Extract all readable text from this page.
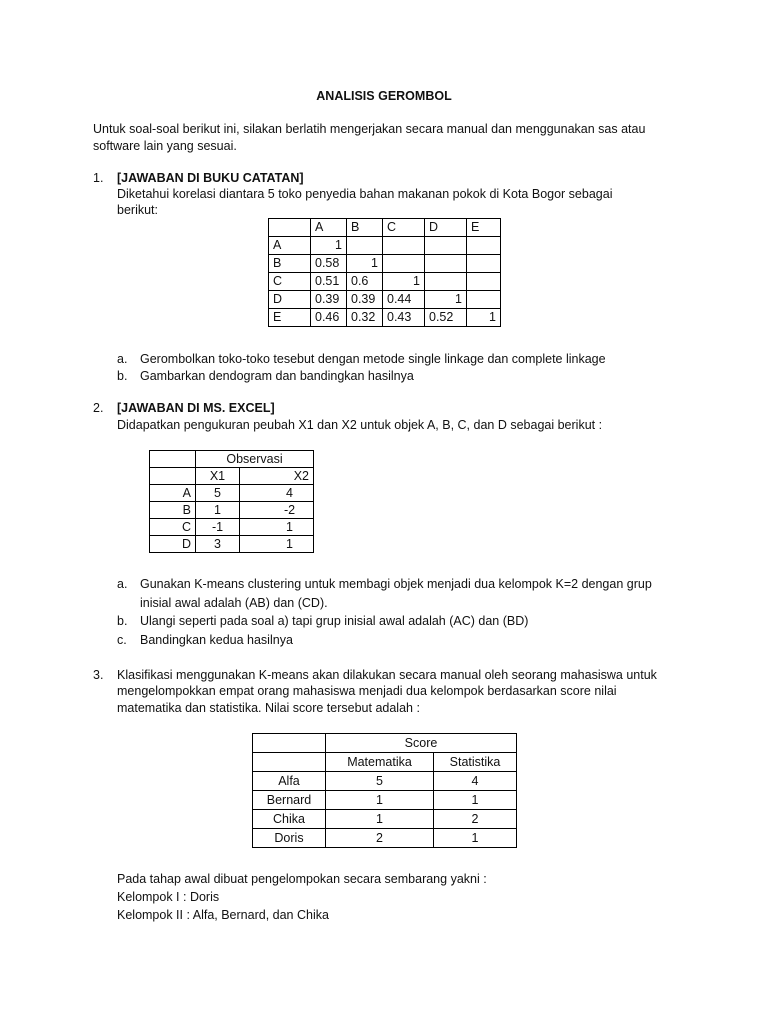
ANALISIS GEROMBOL
Untuk soal-soal berikut ini, silakan berlatih mengerjakan secara manual dan menggunakan sas atau
software lain yang sesuai.
1. [JAWABAN DI BUKU CATATAN]
Diketahui korelasi diantara 5 toko penyedia bahan makanan pokok di Kota Bogor sebagai
berikut:
	A	B	C	D	E
A	1				
B	0.58	1			
C	0.51	0.6	1		
D	0.39	0.39	0.44	1	
E	0.46	0.32	0.43	0.52	1
a. Gerombolkan toko-toko tesebut dengan metode single linkage dan complete linkage
b. Gambarkan dendogram dan bandingkan hasilnya
2. [JAWABAN DI MS. EXCEL]
Didapatkan pengukuran peubah X1 dan X2 untuk objek A, B, C, dan D sebagai berikut :
	Observasi	
	X1	X2
A	5	4
B	1	-2
C	-1	1
D	3	1
a. Gunakan K-means clustering untuk membagi objek menjadi dua kelompok K=2 dengan grup
inisial awal adalah (AB) dan (CD).
b. Ulangi seperti pada soal a) tapi grup inisial awal adalah (AC) dan (BD)
c. Bandingkan kedua hasilnya
3. Klasifikasi menggunakan K-means akan dilakukan secara manual oleh seorang mahasiswa untuk
mengelompokkan empat orang mahasiswa menjadi dua kelompok berdasarkan score nilai
matematika dan statistika. Nilai score tersebut adalah :
	Score	
	Matematika	Statistika
Alfa	5	4
Bernard	1	1
Chika	1	2
Doris	2	1
Pada tahap awal dibuat pengelompokan secara sembarang yakni :
Kelompok I : Doris
Kelompok II : Alfa, Bernard, dan Chika
